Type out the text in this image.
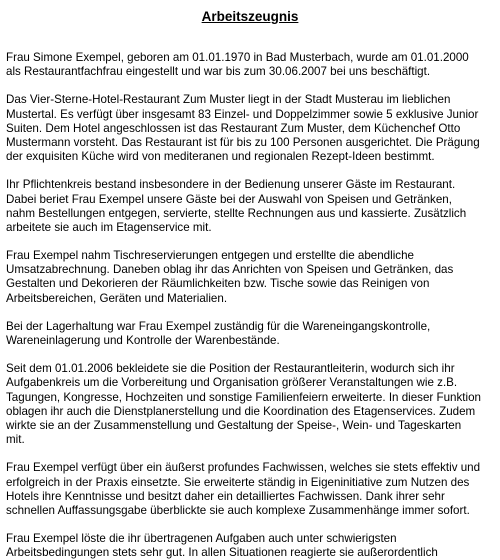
Arbeitszeugnis
Frau Simone Exempel, geboren am 01.01.1970 in Bad Musterbach, wurde am 01.01.2000
als Restaurantfachfrau eingestellt und war bis zum 30.06.2007 bei uns beschäftigt.
Das Vier-Sterne-Hotel-Restaurant Zum Muster liegt in der Stadt Musterau im lieblichen
Mustertal. Es verfügt über insgesamt 83 Einzel- und Doppelzimmer sowie 5 exklusive Junior
Suiten. Dem Hotel angeschlossen ist das Restaurant Zum Muster, dem Küchenchef Otto
Mustermann vorsteht. Das Restaurant ist für bis zu 100 Personen ausgerichtet. Die Prägung
der exquisiten Küche wird von mediteranen und regionalen Rezept-Ideen bestimmt.
Ihr Pflichtenkreis bestand insbesondere in der Bedienung unserer Gäste im Restaurant.
Dabei beriet Frau Exempel unsere Gäste bei der Auswahl von Speisen und Getränken,
nahm Bestellungen entgegen, servierte, stellte Rechnungen aus und kassierte. Zusätzlich
arbeitete sie auch im Etagenservice mit.
Frau Exempel nahm Tischreservierungen entgegen und erstellte die abendliche
Umsatzabrechnung. Daneben oblag ihr das Anrichten von Speisen und Getränken, das
Gestalten und Dekorieren der Räumlichkeiten bzw. Tische sowie das Reinigen von
Arbeitsbereichen, Geräten und Materialien.
Bei der Lagerhaltung war Frau Exempel zuständig für die Wareneingangskontrolle,
Wareneinlagerung und Kontrolle der Warenbestände.
Seit dem 01.01.2006 bekleidete sie die Position der Restaurantleiterin, wodurch sich ihr
Aufgabenkreis um die Vorbereitung und Organisation größerer Veranstaltungen wie z.B.
Tagungen, Kongresse, Hochzeiten und sonstige Familienfeiern erweiterte. In dieser Funktion
oblagen ihr auch die Dienstplanerstellung und die Koordination des Etagenservices. Zudem
wirkte sie an der Zusammenstellung und Gestaltung der Speise-, Wein- und Tageskarten
mit.
Frau Exempel verfügt über ein äußerst profundes Fachwissen, welches sie stets effektiv und
erfolgreich in der Praxis einsetzte. Sie erweiterte ständig in Eigeninitiative zum Nutzen des
Hotels ihre Kenntnisse und besitzt daher ein detailliertes Fachwissen. Dank ihrer sehr
schnellen Auffassungsgabe überblickte sie auch komplexe Zusammenhänge immer sofort.
Frau Exempel löste die ihr übertragenen Aufgaben auch unter schwierigsten
Arbeitsbedingungen stets sehr gut. In allen Situationen reagierte sie außerordentlich
